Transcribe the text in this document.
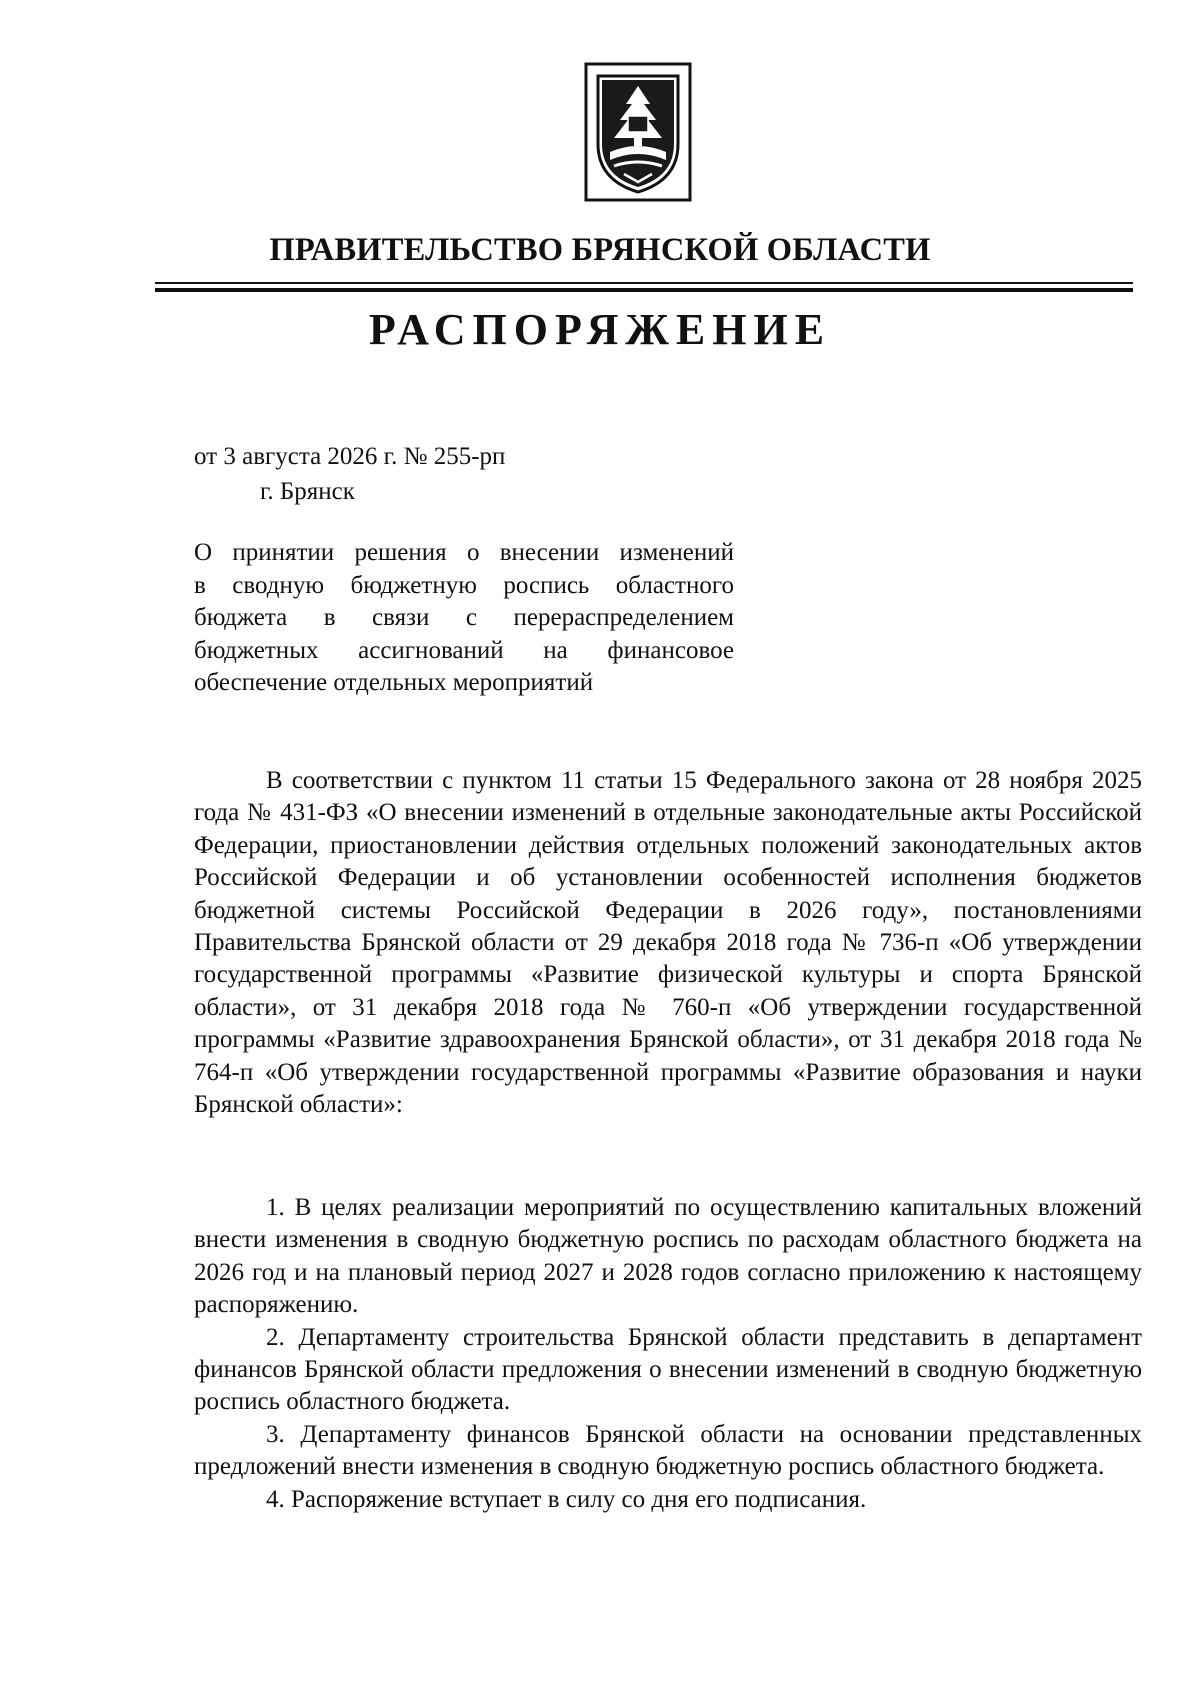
ПРАВИТЕЛЬСТВО БРЯНСКОЙ ОБЛАСТИ
РАСПОРЯЖЕНИЕ
от 3 августа 2026 г. № 255-рп
г. Брянск
О принятии решения о внесении изменений
в сводную бюджетную роспись областного
бюджета в связи с перераспределением
бюджетных ассигнований на финансовое
обеспечение отдельных мероприятий
В соответствии с пунктом 11 статьи 15 Федерального закона от 28 ноября 2025 года № 431-ФЗ «О внесении изменений в отдельные законодательные акты Российской Федерации, приостановлении действия отдельных положений законодательных актов Российской Федерации и об установлении особенностей исполнения бюджетов бюджетной системы Российской Федерации в 2026 году», постановлениями Правительства Брянской области от 29 декабря 2018 года № 736-п «Об утверждении государственной программы «Развитие физической культуры и спорта Брянской области», от 31 декабря 2018 года № 760-п «Об утверждении государственной программы «Развитие здравоохранения Брянской области», от 31 декабря 2018 года № 764-п «Об утверждении государственной программы «Развитие образования и науки Брянской области»:

1. В целях реализации мероприятий по осуществлению капитальных вложений внести изменения в сводную бюджетную роспись по расходам областного бюджета на 2026 год и на плановый период 2027 и 2028 годов согласно приложению к настоящему распоряжению.

2. Департаменту строительства Брянской области представить в департамент финансов Брянской области предложения о внесении изменений в сводную бюджетную роспись областного бюджета.

3. Департаменту финансов Брянской области на основании представленных предложений внести изменения в сводную бюджетную роспись областного бюджета.

4. Распоряжение вступает в силу со дня его подписания.
